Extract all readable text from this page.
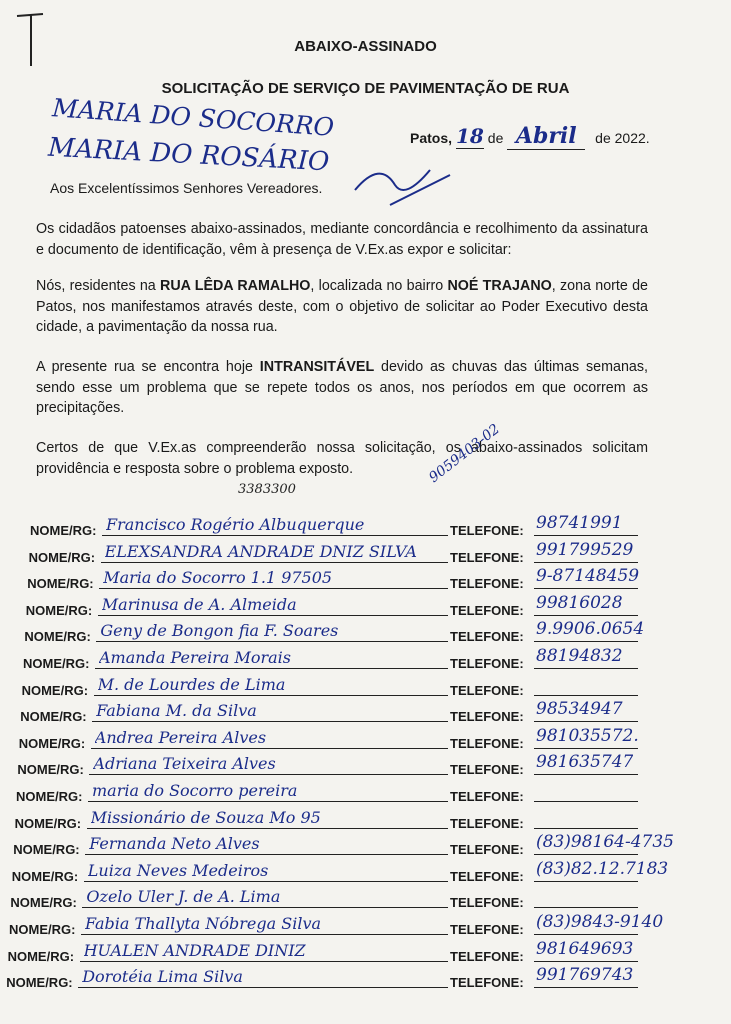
ABAIXO-ASSINADO
SOLICITAÇÃO DE SERVIÇO DE PAVIMENTAÇÃO DE RUA
MARIA DO SOCORRO
MARIA DO ROSÁRIO	Patos, 18 de Abril de 2022.
Aos Excelentíssimos Senhores Vereadores.
Os cidadãos patoenses abaixo-assinados, mediante concordância e recolhimento da assinatura e documento de identificação, vêm à presença de V.Ex.as expor e solicitar:
Nós, residentes na RUA LÊDA RAMALHO, localizada no bairro NOÉ TRAJANO, zona norte de Patos, nos manifestamos através deste, com o objetivo de solicitar ao Poder Executivo desta cidade, a pavimentação da nossa rua.
A presente rua se encontra hoje INTRANSITÁVEL devido as chuvas das últimas semanas, sendo esse um problema que se repete todos os anos, nos períodos em que ocorrem as precipitações.
Certos de que V.Ex.as compreenderão nossa solicitação, os abaixo-assinados solicitam providência e resposta sobre o problema exposto.
3383300
9059403-02
NOME/RG: Francisco Rogério Albuquerque	TELEFONE: 98741991
NOME/RG: ELEXSANDRA ANDRADE DNIZ SILVA	TELEFONE: 991799529
NOME/RG: Maria do Socorro 1.1 97505	TELEFONE: 9-87148459
NOME/RG: Marinusa de A. Almeida	TELEFONE: 99816028
NOME/RG: Geny de Bongon fia F. Soares	TELEFONE: 9.9906.0654
NOME/RG: Amanda Pereira Morais	TELEFONE: 88194832
NOME/RG: M. de Lourdes de Lima	TELEFONE:
NOME/RG: Fabiana M. da Silva	TELEFONE: 98534947
NOME/RG: Andrea Pereira Alves	TELEFONE: 981035572.
NOME/RG: Adriana Teixeira Alves	TELEFONE: 981635747
NOME/RG: maria do Socorro pereira	TELEFONE:
NOME/RG: Missionário de Souza Mo 95	TELEFONE:
NOME/RG: Fernanda Neto Alves	TELEFONE: (83)98164-4735
NOME/RG: Luiza Neves Medeiros	TELEFONE: (83)82.12.7183
NOME/RG: Ozelo Uler J. de A. Lima	TELEFONE:
NOME/RG: Fabia Thallyta Nóbrega Silva	TELEFONE: (83)9843-9140
NOME/RG: HUALEN ANDRADE DINIZ	TELEFONE: 981649693
NOME/RG: Dorotéia Lima Silva	TELEFONE: 991769743
